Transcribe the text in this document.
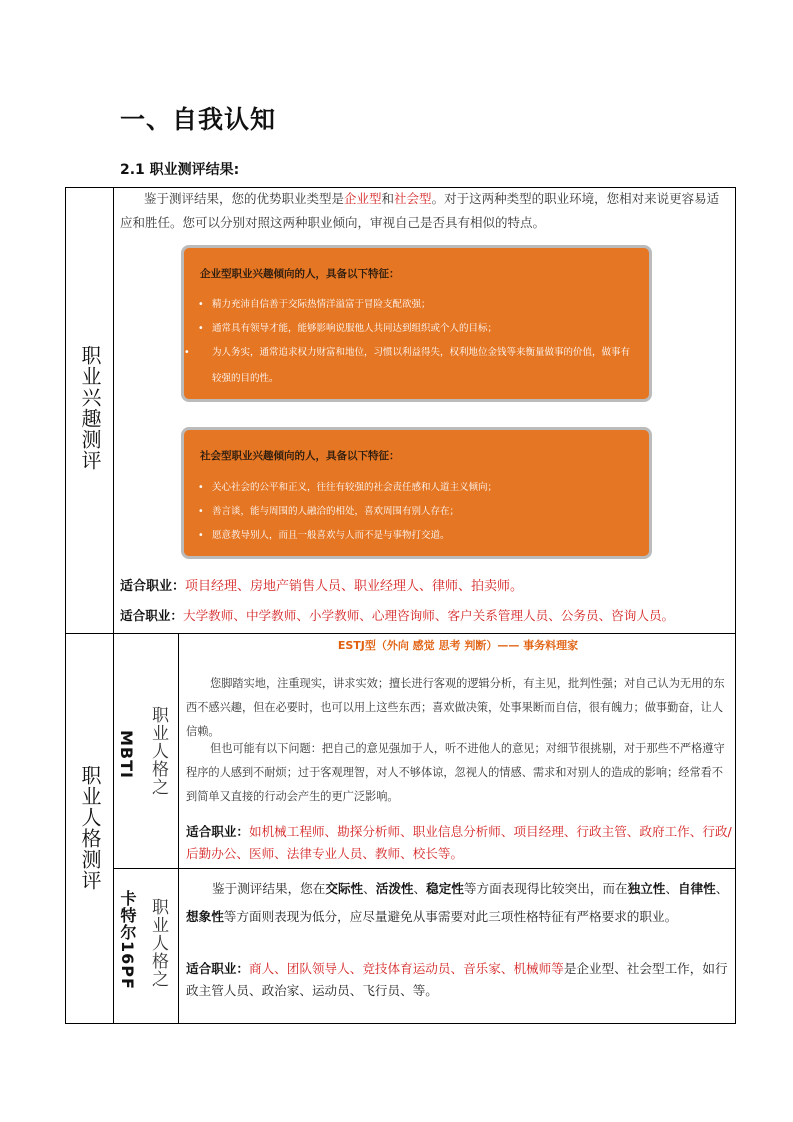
一、自我认知
2.1 职业测评结果:
职业兴趣测评
鉴于测评结果，您的优势职业类型是企业型和社会型。对于这两种类型的职业环境，您相对来说更容易适应和胜任。您可以分别对照这两种职业倾向，审视自己是否具有相似的特点。
企业型职业兴趣倾向的人，具备以下特征：
• 精力充沛自信善于交际热情洋溢富于冒险支配欲强；
• 通常具有领导才能，能够影响说服他人共同达到组织或个人的目标；
• 为人务实，通常追求权力财富和地位，习惯以利益得失，权利地位金钱等来衡量做事的价值，做事有较强的目的性。
社会型职业兴趣倾向的人，具备以下特征：
• 关心社会的公平和正义，往往有较强的社会责任感和人道主义倾向；
• 善言谈，能与周围的人融洽的相处，喜欢周围有别人存在；
• 愿意教导别人，而且一般喜欢与人而不是与事物打交道。
适合职业：项目经理、房地产销售人员、职业经理人、律师、拍卖师。
适合职业：大学教师、中学教师、小学教师、心理咨询师、客户关系管理人员、公务员、咨询人员。
职业人格测评
职业人格之
MBTI
ESTJ型（外向 感觉 思考 判断）—— 事务料理家
您脚踏实地，注重现实，讲求实效；擅长进行客观的逻辑分析，有主见，批判性强；对自己认为无用的东西不感兴趣，但在必要时，也可以用上这些东西；喜欢做决策，处事果断而自信，很有魄力；做事勤奋，让人信赖。
但也可能有以下问题：把自己的意见强加于人，听不进他人的意见；对细节很挑剔，对于那些不严格遵守程序的人感到不耐烦；过于客观理智，对人不够体谅，忽视人的情感、需求和对别人的造成的影响；经常看不到简单又直接的行动会产生的更广泛影响。
适合职业：如机械工程师、勘探分析师、职业信息分析师、项目经理、行政主管、政府工作、行政/后勤办公、医师、法律专业人员、教师、校长等。
职业人格之
卡特尔16PF
鉴于测评结果，您在交际性、活泼性、稳定性等方面表现得比较突出，而在独立性、自律性、想象性等方面则表现为低分，应尽量避免从事需要对此三项性格特征有严格要求的职业。
适合职业：商人、团队领导人、竞技体育运动员、音乐家、机械师等是企业型、社会型工作，如行政主管人员、政治家、运动员、飞行员、等。
